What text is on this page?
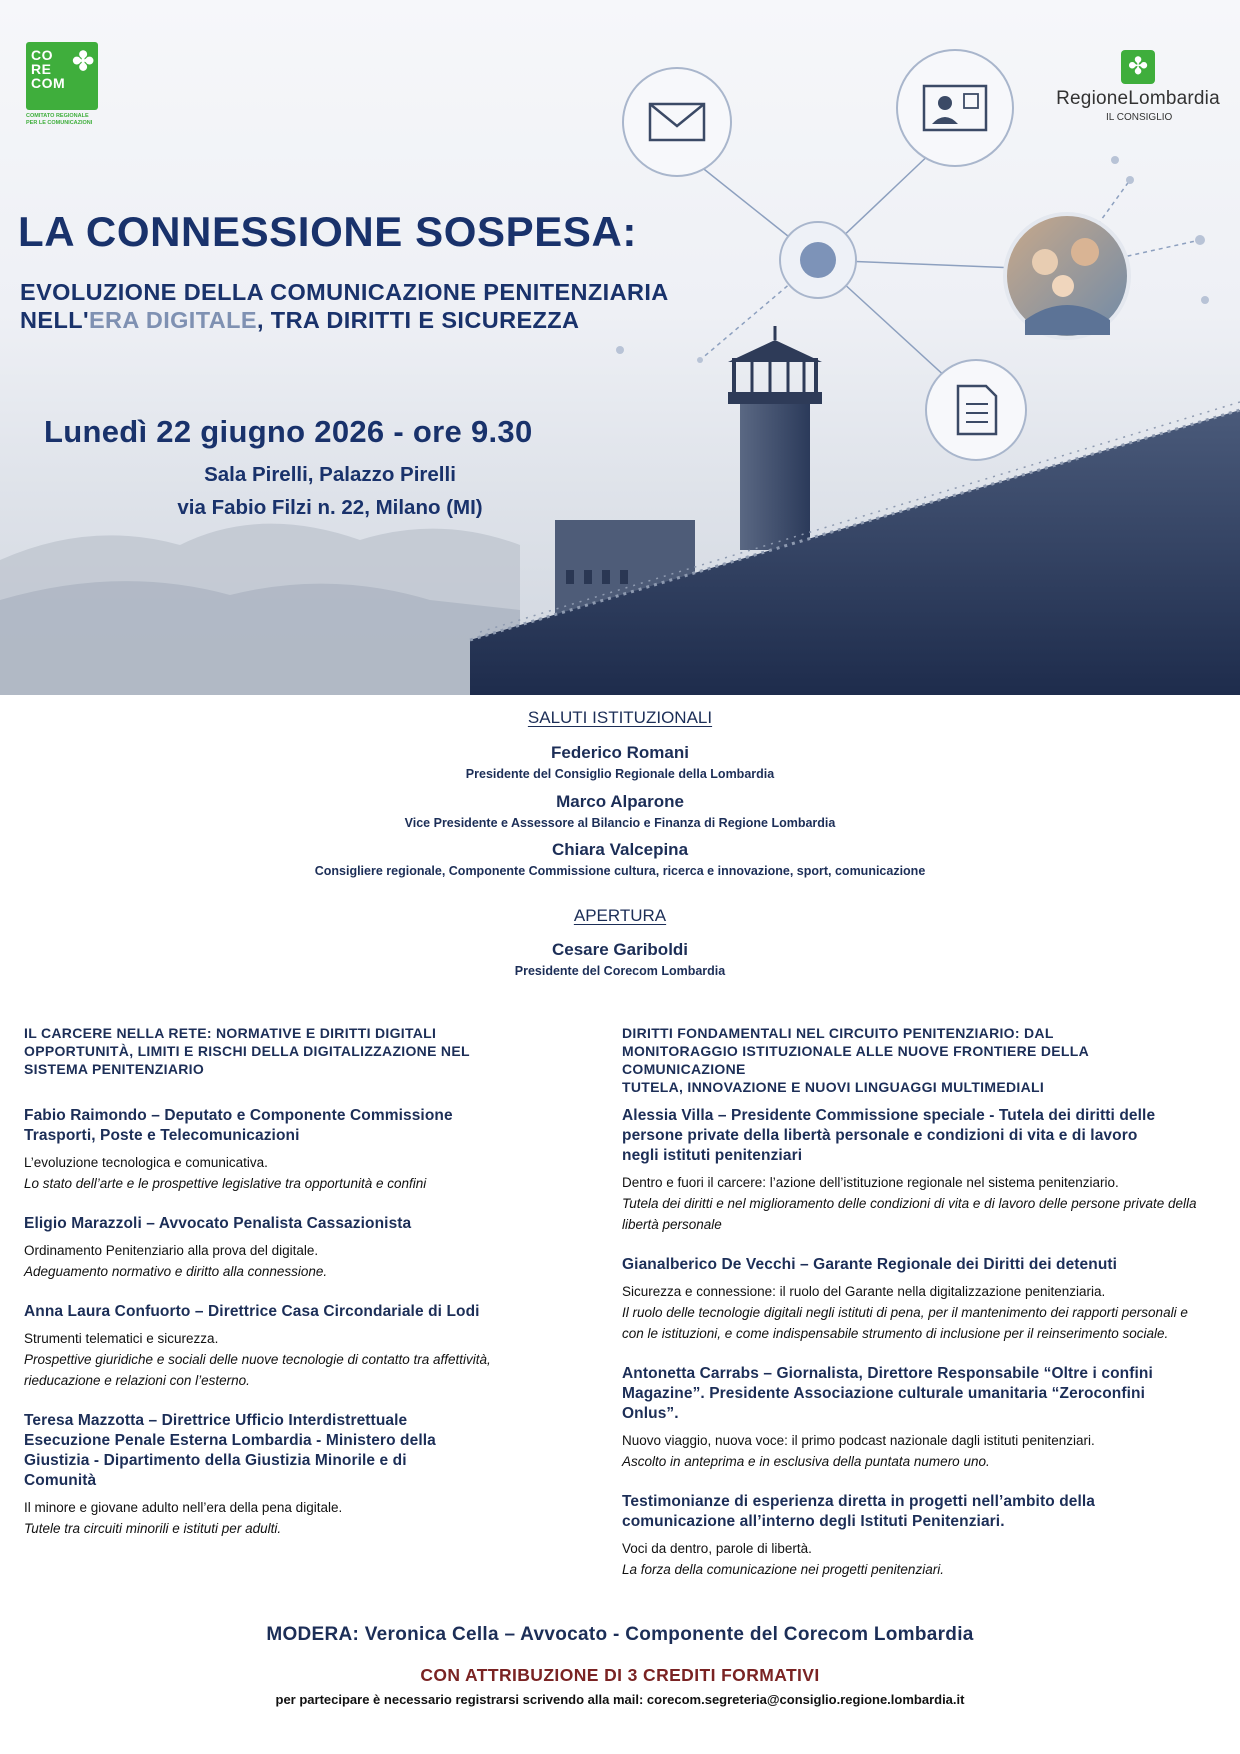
CO RE COM
✤
COMITATO REGIONALE PER LE COMUNICAZIONI
✤
RegioneLombardia
IL CONSIGLIO
LA CONNESSIONE SOSPESA:
EVOLUZIONE DELLA COMUNICAZIONE PENITENZIARIA
NELL'ERA DIGITALE, TRA DIRITTI E SICUREZZA
Lunedì 22 giugno 2026 - ore 9.30
Sala Pirelli, Palazzo Pirelli
via Fabio Filzi n. 22, Milano (MI)
SALUTI ISTITUZIONALI
Federico Romani
Presidente del Consiglio Regionale della Lombardia
Marco Alparone
Vice Presidente e Assessore al Bilancio e Finanza di Regione Lombardia
Chiara Valcepina
Consigliere regionale, Componente Commissione cultura, ricerca e innovazione, sport, comunicazione
APERTURA
Cesare Gariboldi
Presidente del Corecom Lombardia
IL CARCERE NELLA RETE: NORMATIVE E DIRITTI DIGITALI
OPPORTUNITÀ, LIMITI E RISCHI DELLA DIGITALIZZAZIONE NEL
SISTEMA PENITENZIARIO
Fabio Raimondo – Deputato e Componente Commissione
Trasporti, Poste e Telecomunicazioni
L’evoluzione tecnologica e comunicativa.
Lo stato dell’arte e le prospettive legislative tra opportunità e confini
Eligio Marazzoli – Avvocato Penalista Cassazionista
Ordinamento Penitenziario alla prova del digitale.
Adeguamento normativo e diritto alla connessione.
Anna Laura Confuorto – Direttrice Casa Circondariale di Lodi
Strumenti telematici e sicurezza.
Prospettive giuridiche e sociali delle nuove tecnologie di contatto tra affettività,
rieducazione e relazioni con l’esterno.
Teresa Mazzotta – Direttrice Ufficio Interdistrettuale
Esecuzione Penale Esterna Lombardia - Ministero della
Giustizia - Dipartimento della Giustizia Minorile e di
Comunità
Il minore e giovane adulto nell’era della pena digitale.
Tutele tra circuiti minorili e istituti per adulti.
DIRITTI FONDAMENTALI NEL CIRCUITO PENITENZIARIO: DAL
MONITORAGGIO ISTITUZIONALE ALLE NUOVE FRONTIERE DELLA
COMUNICAZIONE
TUTELA, INNOVAZIONE E NUOVI LINGUAGGI MULTIMEDIALI
Alessia Villa – Presidente Commissione speciale - Tutela dei diritti delle
persone private della libertà personale e condizioni di vita e di lavoro
negli istituti penitenziari
Dentro e fuori il carcere: l’azione dell’istituzione regionale nel sistema penitenziario.
Tutela dei diritti e nel miglioramento delle condizioni di vita e di lavoro delle persone private della
libertà personale
Gianalberico De Vecchi – Garante Regionale dei Diritti dei detenuti
Sicurezza e connessione: il ruolo del Garante nella digitalizzazione penitenziaria.
Il ruolo delle tecnologie digitali negli istituti di pena, per il mantenimento dei rapporti personali e
con le istituzioni, e come indispensabile strumento di inclusione per il reinserimento sociale.
Antonetta Carrabs – Giornalista, Direttore Responsabile “Oltre i confini
Magazine”. Presidente Associazione culturale umanitaria “Zeroconfini
Onlus”.
Nuovo viaggio, nuova voce: il primo podcast nazionale dagli istituti penitenziari.
Ascolto in anteprima e in esclusiva della puntata numero uno.
Testimonianze di esperienza diretta in progetti nell’ambito della
comunicazione all’interno degli Istituti Penitenziari.
Voci da dentro, parole di libertà.
La forza della comunicazione nei progetti penitenziari.
MODERA: Veronica Cella – Avvocato - Componente del Corecom Lombardia
CON ATTRIBUZIONE DI 3 CREDITI FORMATIVI
per partecipare è necessario registrarsi scrivendo alla mail: corecom.segreteria@consiglio.regione.lombardia.it
